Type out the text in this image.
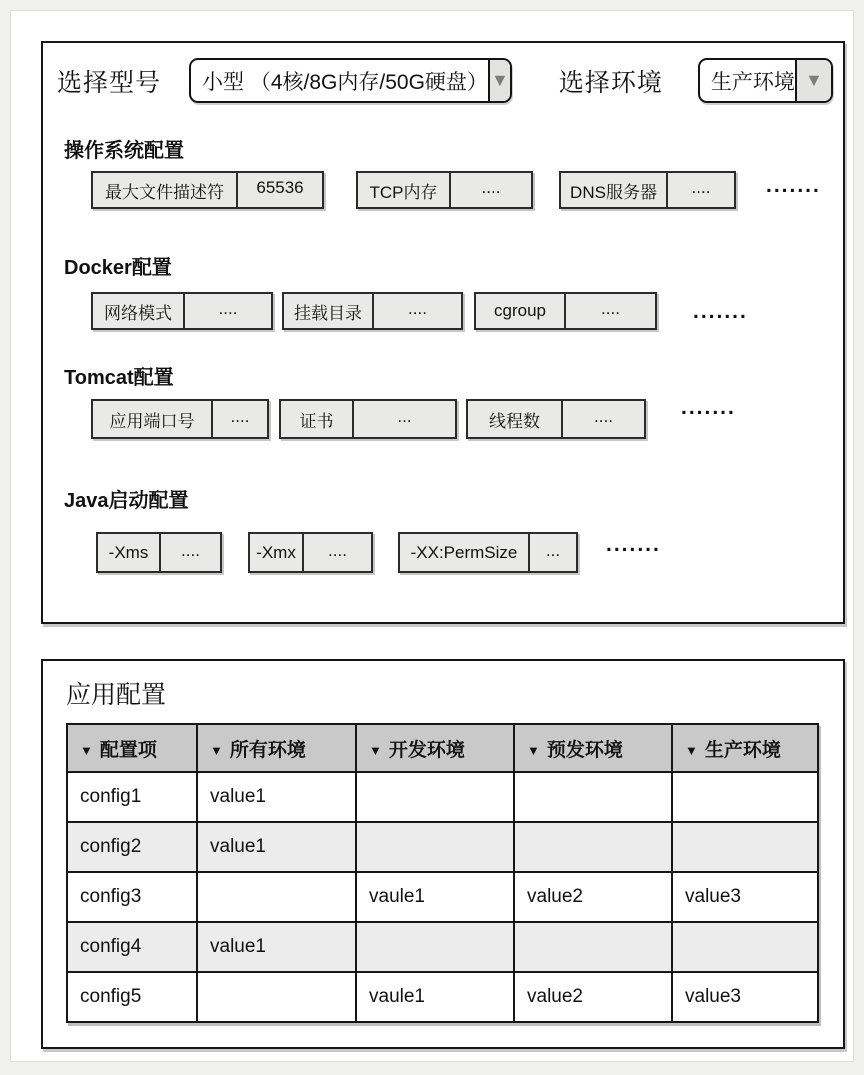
选择型号	小型 （4核/8G内存/50G硬盘） ▼ 选择环境	生产环境 ▼
操作系统配置
最大文件描述符	65536	TCP内存	....	DNS服务器	....	.......
Docker配置
网络模式	....	挂载目录	....	cgroup	....	.......
Tomcat配置
应用端口号	....	证书	...	线程数	....	.......
Java启动配置
-Xms	....	-Xmx	....	-XX:PermSize	...	.......
应用配置
▼ 配置项	▼ 所有环境	▼ 开发环境	▼ 预发环境	▼ 生产环境
config1	value1			
config2	value1			
config3		vaule1	value2	value3
config4	value1			
config5		vaule1	value2	value3
